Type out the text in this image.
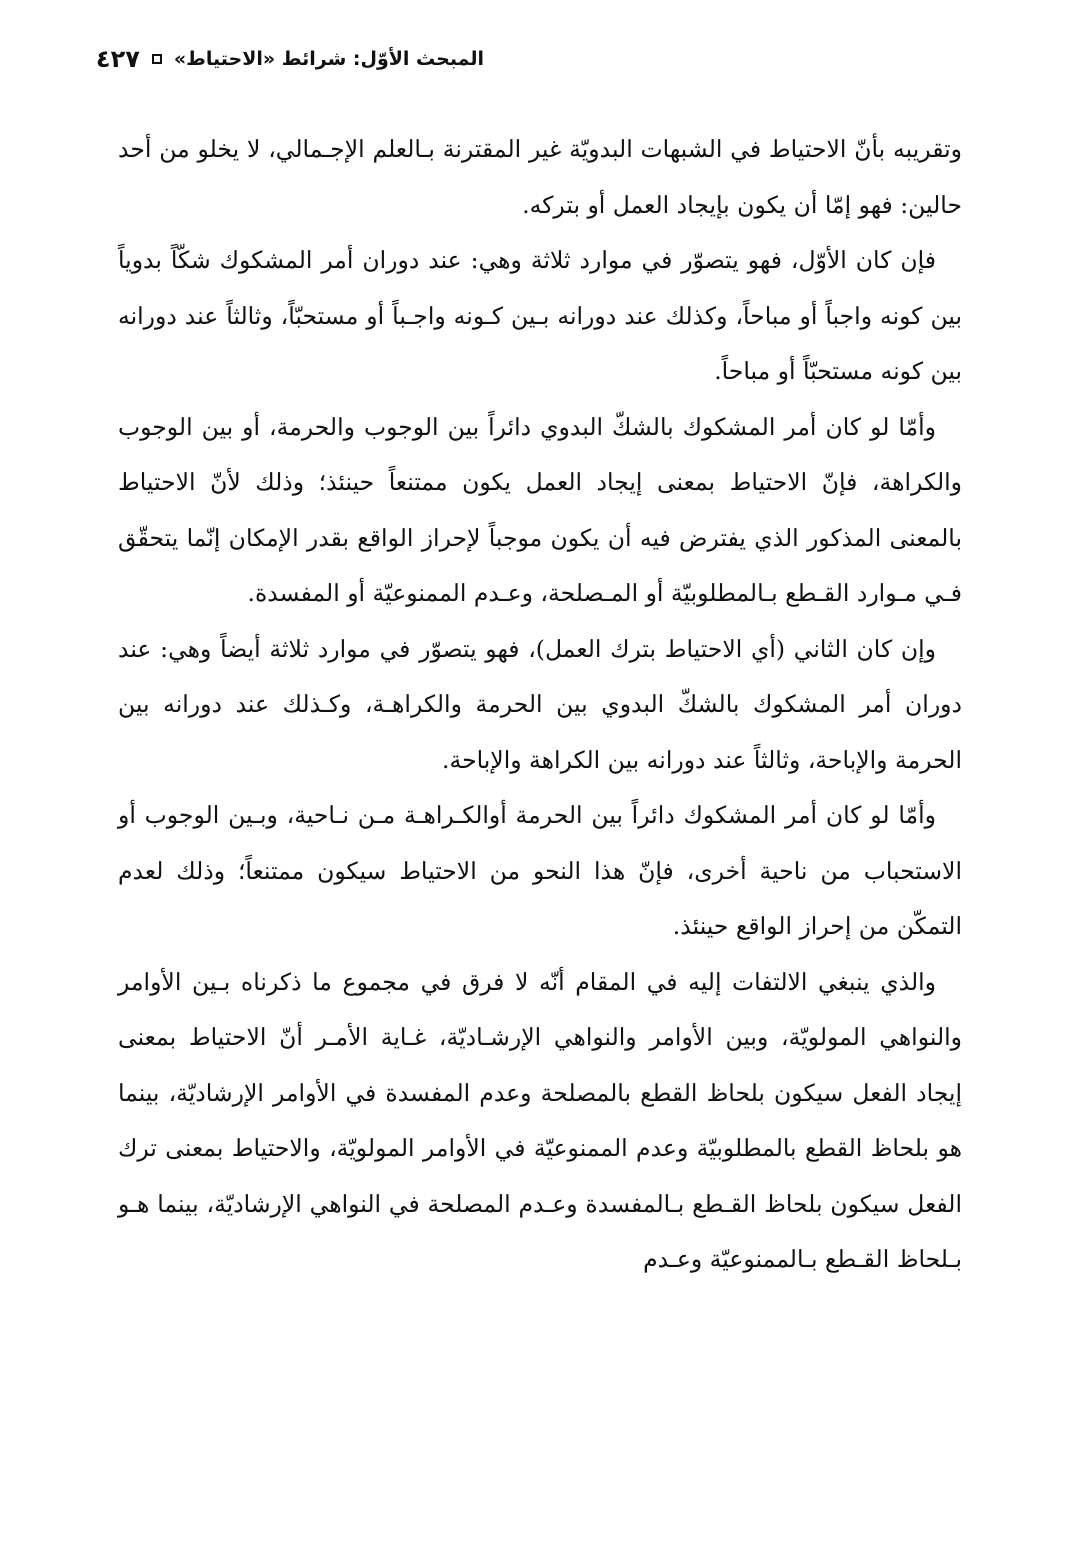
المبحث الأوّل: شرائط «الاحتياط»
٤٢٧

وتقريبه بأنّ الاحتياط في الشبهات البدويّة غير المقترنة بـالعلم الإجـمالي، لا يخلو من أحد حالين: فهو إمّا أن يكون بإيجاد العمل أو بتركه.

فإن كان الأوّل، فهو يتصوّر في موارد ثلاثة وهي: عند دوران أمر المشكوك شكّاً بدوياً بين كونه واجباً أو مباحاً، وكذلك عند دورانه بـين كـونه واجـباً أو مستحبّاً، وثالثاً عند دورانه بين كونه مستحبّاً أو مباحاً.

وأمّا لو كان أمر المشكوك بالشكّ البدوي دائراً بين الوجوب والحرمة، أو بين الوجوب والكراهة، فإنّ الاحتياط بمعنى إيجاد العمل يكون ممتنعاً حينئذ؛ وذلك لأنّ الاحتياط بالمعنى المذكور الذي يفترض فيه أن يكون موجباً لإحراز الواقع بقدر الإمكان إنّما يتحقّق فـي مـوارد القـطع بـالمطلوبيّة أو المـصلحة، وعـدم الممنوعيّة أو المفسدة.

وإن كان الثاني (أي الاحتياط بترك العمل)، فهو يتصوّر في موارد ثلاثة أيضاً وهي: عند دوران أمر المشكوك بالشكّ البدوي بين الحرمة والكراهـة، وكـذلك عند دورانه بين الحرمة والإباحة، وثالثاً عند دورانه بين الكراهة والإباحة.

وأمّا لو كان أمر المشكوك دائراً بين الحرمة أوالكـراهـة مـن نـاحية، وبـين الوجوب أو الاستحباب من ناحية أخرى، فإنّ هذا النحو من الاحتياط سيكون ممتنعاً؛ وذلك لعدم التمكّن من إحراز الواقع حينئذ.

والذي ينبغي الالتفات إليه في المقام أنّه لا فرق في مجموع ما ذكرناه بـين الأوامر والنواهي المولويّة، وبين الأوامر والنواهي الإرشـاديّة، غـاية الأمـر أنّ الاحتياط بمعنى إيجاد الفعل سيكون بلحاظ القطع بالمصلحة وعدم المفسدة في الأوامر الإرشاديّة، بينما هو بلحاظ القطع بالمطلوبيّة وعدم الممنوعيّة في الأوامر المولويّة، والاحتياط بمعنى ترك الفعل سيكون بلحاظ القـطع بـالمفسدة وعـدم المصلحة في النواهي الإرشاديّة، بينما هـو بـلحاظ القـطع بـالممنوعيّة وعـدم
